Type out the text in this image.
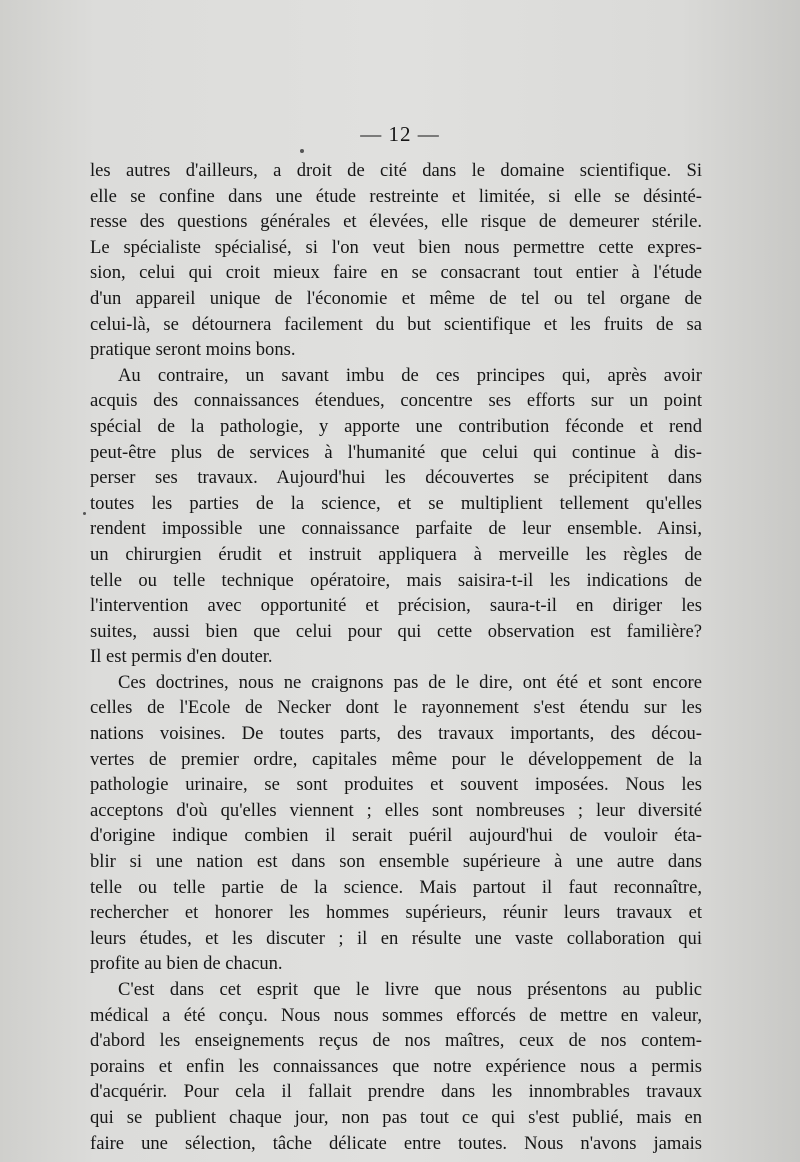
— 12 —
les autres d'ailleurs, a droit de cité dans le domaine scientifique. Si
elle se confine dans une étude restreinte et limitée, si elle se désinté-
resse des questions générales et élevées, elle risque de demeurer stérile.
Le spécialiste spécialisé, si l'on veut bien nous permettre cette expres-
sion, celui qui croit mieux faire en se consacrant tout entier à l'étude
d'un appareil unique de l'économie et même de tel ou tel organe de
celui-là, se détournera facilement du but scientifique et les fruits de sa
pratique seront moins bons.
Au contraire, un savant imbu de ces principes qui, après avoir
acquis des connaissances étendues, concentre ses efforts sur un point
spécial de la pathologie, y apporte une contribution féconde et rend
peut-être plus de services à l'humanité que celui qui continue à dis-
perser ses travaux. Aujourd'hui les découvertes se précipitent dans
toutes les parties de la science, et se multiplient tellement qu'elles
rendent impossible une connaissance parfaite de leur ensemble. Ainsi,
un chirurgien érudit et instruit appliquera à merveille les règles de
telle ou telle technique opératoire, mais saisira-t-il les indications de
l'intervention avec opportunité et précision, saura-t-il en diriger les
suites, aussi bien que celui pour qui cette observation est familière?
Il est permis d'en douter.
Ces doctrines, nous ne craignons pas de le dire, ont été et sont encore
celles de l'Ecole de Necker dont le rayonnement s'est étendu sur les
nations voisines. De toutes parts, des travaux importants, des décou-
vertes de premier ordre, capitales même pour le développement de la
pathologie urinaire, se sont produites et souvent imposées. Nous les
acceptons d'où qu'elles viennent ; elles sont nombreuses ; leur diversité
d'origine indique combien il serait puéril aujourd'hui de vouloir éta-
blir si une nation est dans son ensemble supérieure à une autre dans
telle ou telle partie de la science. Mais partout il faut reconnaître,
rechercher et honorer les hommes supérieurs, réunir leurs travaux et
leurs études, et les discuter ; il en résulte une vaste collaboration qui
profite au bien de chacun.
C'est dans cet esprit que le livre que nous présentons au public
médical a été conçu. Nous nous sommes efforcés de mettre en valeur,
d'abord les enseignements reçus de nos maîtres, ceux de nos contem-
porains et enfin les connaissances que notre expérience nous a permis
d'acquérir. Pour cela il fallait prendre dans les innombrables travaux
qui se publient chaque jour, non pas tout ce qui s'est publié, mais en
faire une sélection, tâche délicate entre toutes. Nous n'avons jamais
